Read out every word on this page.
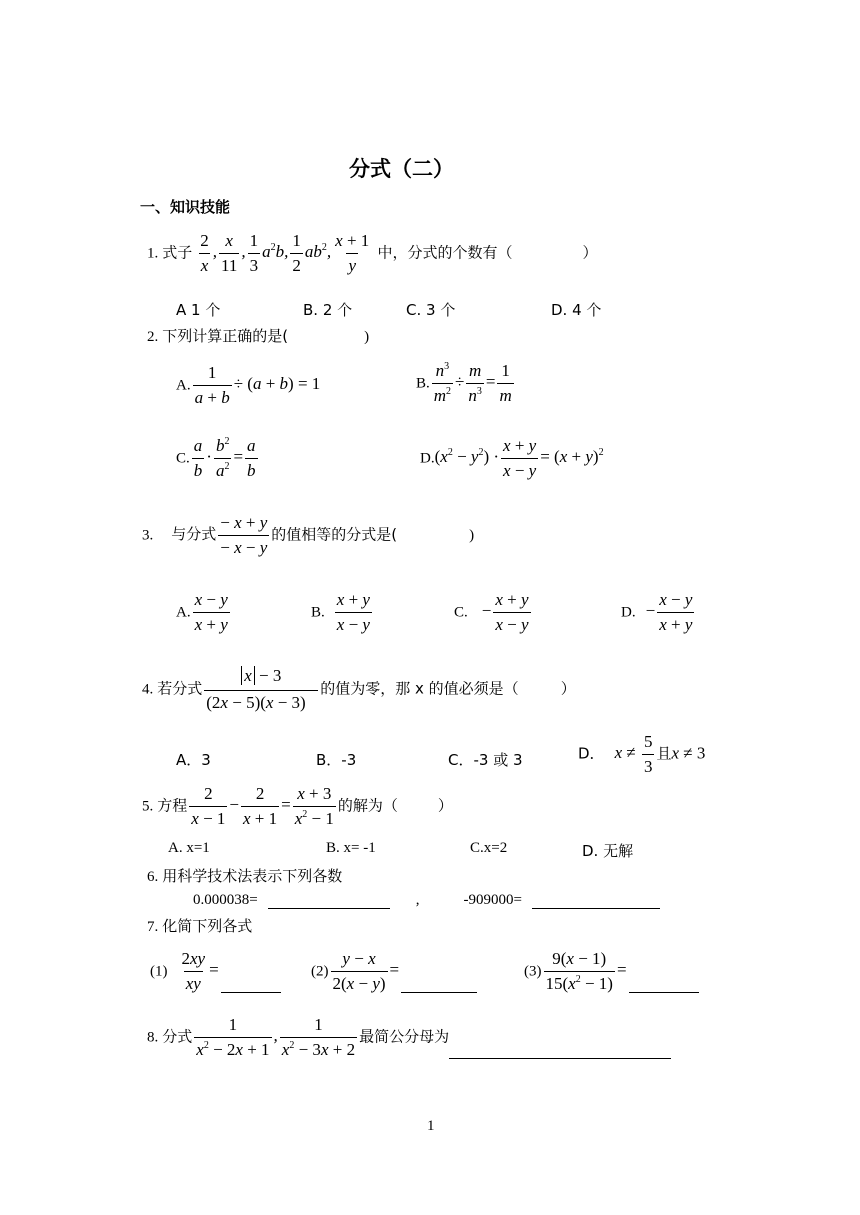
分式（二）
一、知识技能
1. 式子 $\frac{2}{x}$ , $\frac{x}{11}$ , $\frac{1}{3} a^2b$, $\frac{1}{2} ab^2$, $\frac{x + 1}{y}$ 中，分式的个数有（	）
A 1 个	B. 2 个	C. 3 个	D. 4 个
2. 下列计算正确的是(	)
A. $\frac{1}{a + b} \div (a + b) = 1$	B. $\frac{n^3}{m^2} \div \frac{m}{n^3} = \frac{1}{m}$
C. $\frac{a}{b} \cdot \frac{b^2}{a^2} = \frac{a}{b}$	$D.(x^2 - y^2) \cdot \frac{x + y}{x - y} = (x + y)^2$
3. 与分式 $\frac{- x + y}{- x - y}$ 的值相等的分式是(	)
A. $\frac{x - y}{x + y}$	B. $\frac{x + y}{x - y}$	C. − $\frac{x + y}{x - y}$	D. − $\frac{x - y}{x + y}$
4. 若分式 $\frac{x - 3}{(2x - 5)(x - 3)}$ 的值为零，那 x 的值必须是（	）
A．3	B．-3	C．-3 或 3	D． $x \ne \frac{5}{3}$ 且x ≠ 3
5. 方程 $\frac{2}{x - 1} - \frac{2}{x + 1} = \frac{x + 3}{x^2 - 1}$ 的解为（	）
A. x=1	B. x= -1	C.x=2	D. 无解
6. 用科学技术法表示下列各数
0.000038=	,	-909000=
7. 化简下列各式
$(1) \frac{2xy}{xy}$ =	$(2) \frac{y - x}{2(x - y)}$ =	$(3) \frac{9(x - 1)}{15(x^2 - 1)}$ =
8. 分式 $\frac{1}{x^2 - 2x + 1}$ , $\frac{1}{x^2 - 3x + 2}$ 最简公分母为
1
